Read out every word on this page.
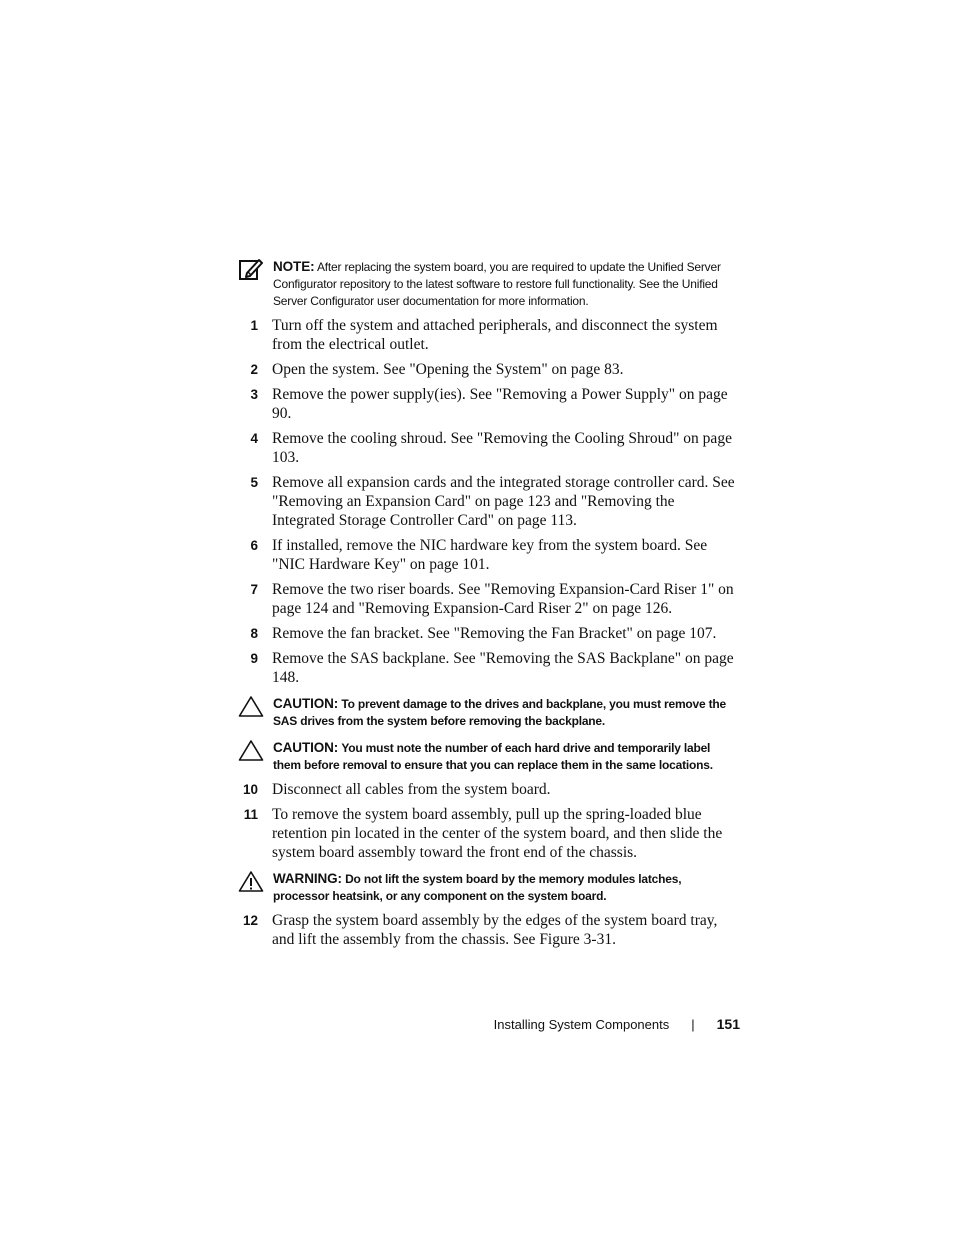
NOTE: After replacing the system board, you are required to update the Unified Server Configurator repository to the latest software to restore full functionality. See the Unified Server Configurator user documentation for more information.
1 Turn off the system and attached peripherals, and disconnect the system from the electrical outlet.
2 Open the system. See "Opening the System" on page 83.
3 Remove the power supply(ies). See "Removing a Power Supply" on page 90.
4 Remove the cooling shroud. See "Removing the Cooling Shroud" on page 103.
5 Remove all expansion cards and the integrated storage controller card. See "Removing an Expansion Card" on page 123 and "Removing the Integrated Storage Controller Card" on page 113.
6 If installed, remove the NIC hardware key from the system board. See "NIC Hardware Key" on page 101.
7 Remove the two riser boards. See "Removing Expansion-Card Riser 1" on page 124 and "Removing Expansion-Card Riser 2" on page 126.
8 Remove the fan bracket. See "Removing the Fan Bracket" on page 107.
9 Remove the SAS backplane. See "Removing the SAS Backplane" on page 148.
CAUTION: To prevent damage to the drives and backplane, you must remove the SAS drives from the system before removing the backplane.
CAUTION: You must note the number of each hard drive and temporarily label them before removal to ensure that you can replace them in the same locations.
10 Disconnect all cables from the system board.
11 To remove the system board assembly, pull up the spring-loaded blue retention pin located in the center of the system board, and then slide the system board assembly toward the front end of the chassis.
WARNING: Do not lift the system board by the memory modules latches, processor heatsink, or any component on the system board.
12 Grasp the system board assembly by the edges of the system board tray, and lift the assembly from the chassis. See Figure 3-31.
Installing System Components | 151
